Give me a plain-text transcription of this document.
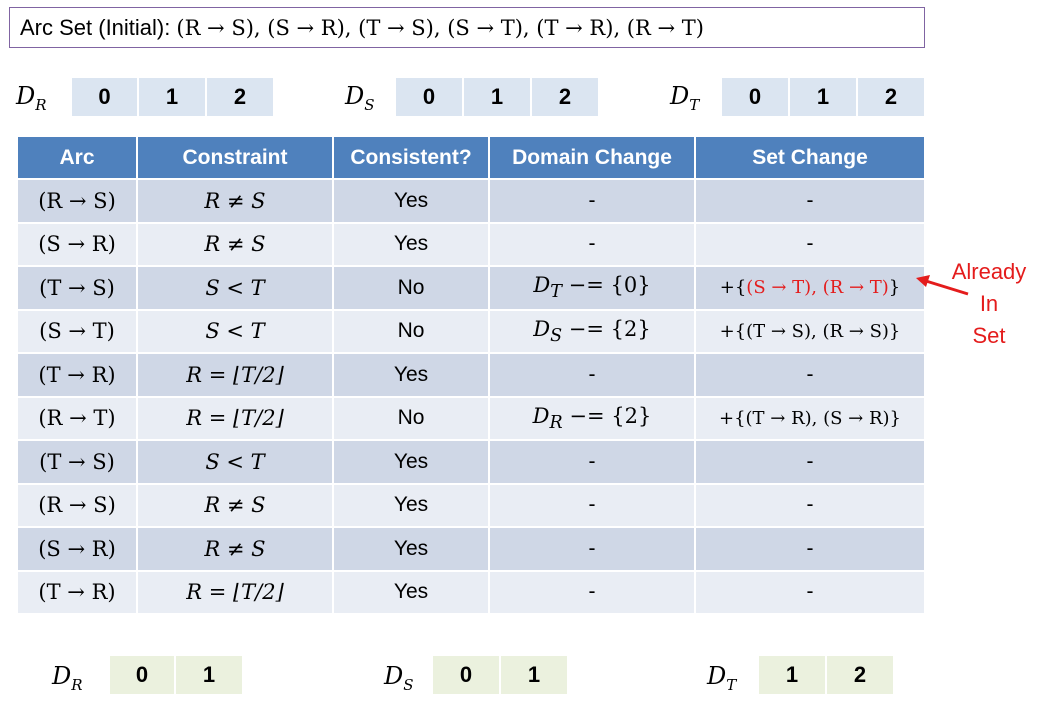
Arc Set (Initial): (R → S), (S → R), (T → S), (S → T), (T → R), (R → T)
$D_R$	0	1	2	$D_S$	0	1	2	$D_T$	0	1	2
Arc	Constraint	Consistent?	Domain Change	Set Change
(R → S)	R ≠ S	Yes	-	-
(S → R)	R ≠ S	Yes	-	-
(T → S)	S < T	No	$D_T -= \{0\}$	+{(S → T), (R → T)}
(S → T)	S < T	No	$D_S -= \{2\}$	+{(T → S), (R → S)}
(T → R)	R = ⌊T/2⌋	Yes	-	-
(R → T)	R = ⌊T/2⌋	No	$D_R -= \{2\}$	+{(T → R), (S → R)}
(T → S)	S < T	Yes	-	-
(R → S)	R ≠ S	Yes	-	-
(S → R)	R ≠ S	Yes	-	-
(T → R)	R = ⌊T/2⌋	Yes	-	-
Already
In
Set
$D_R$	0	1	$D_S$	0	1	$D_T$	1	2
